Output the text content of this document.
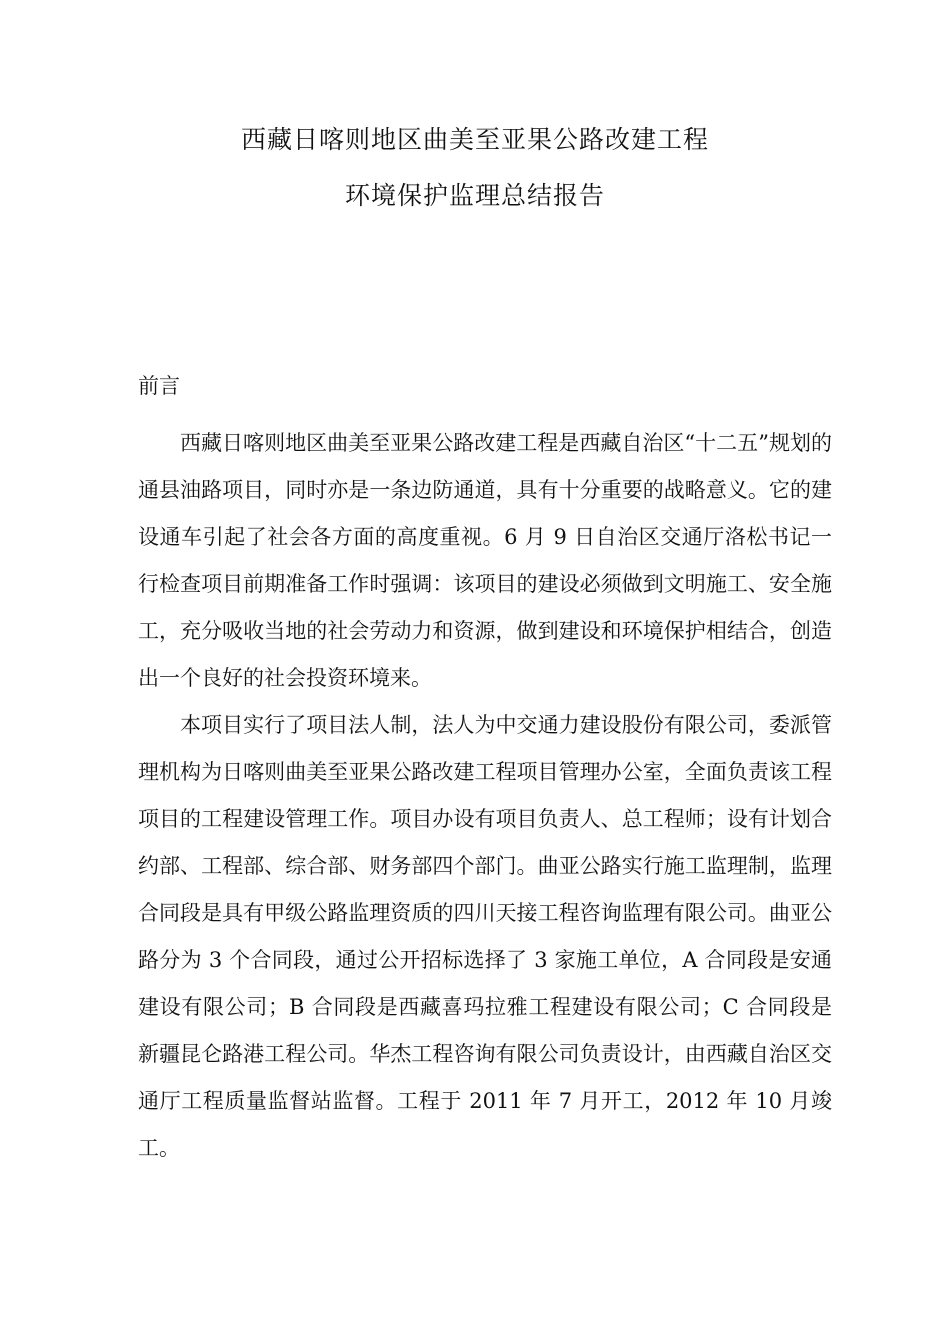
西藏日喀则地区曲美至亚果公路改建工程
环境保护监理总结报告
前言

西藏日喀则地区曲美至亚果公路改建工程是西藏自治区“十二五”规划的通县油路项目，同时亦是一条边防通道，具有十分重要的战略意义。它的建设通车引起了社会各方面的高度重视。6 月 9 日自治区交通厅洛松书记一行检查项目前期准备工作时强调：该项目的建设必须做到文明施工、安全施工，充分吸收当地的社会劳动力和资源，做到建设和环境保护相结合，创造出一个良好的社会投资环境来。

本项目实行了项目法人制，法人为中交通力建设股份有限公司，委派管理机构为日喀则曲美至亚果公路改建工程项目管理办公室，全面负责该工程项目的工程建设管理工作。项目办设有项目负责人、总工程师；设有计划合约部、工程部、综合部、财务部四个部门。曲亚公路实行施工监理制，监理合同段是具有甲级公路监理资质的四川天接工程咨询监理有限公司。曲亚公路分为 3 个合同段，通过公开招标选择了 3 家施工单位，A 合同段是安通建设有限公司；B 合同段是西藏喜玛拉雅工程建设有限公司；C 合同段是新疆昆仑路港工程公司。华杰工程咨询有限公司负责设计，由西藏自治区交通厅工程质量监督站监督。工程于 2011 年 7 月开工，2012 年 10 月竣工。
